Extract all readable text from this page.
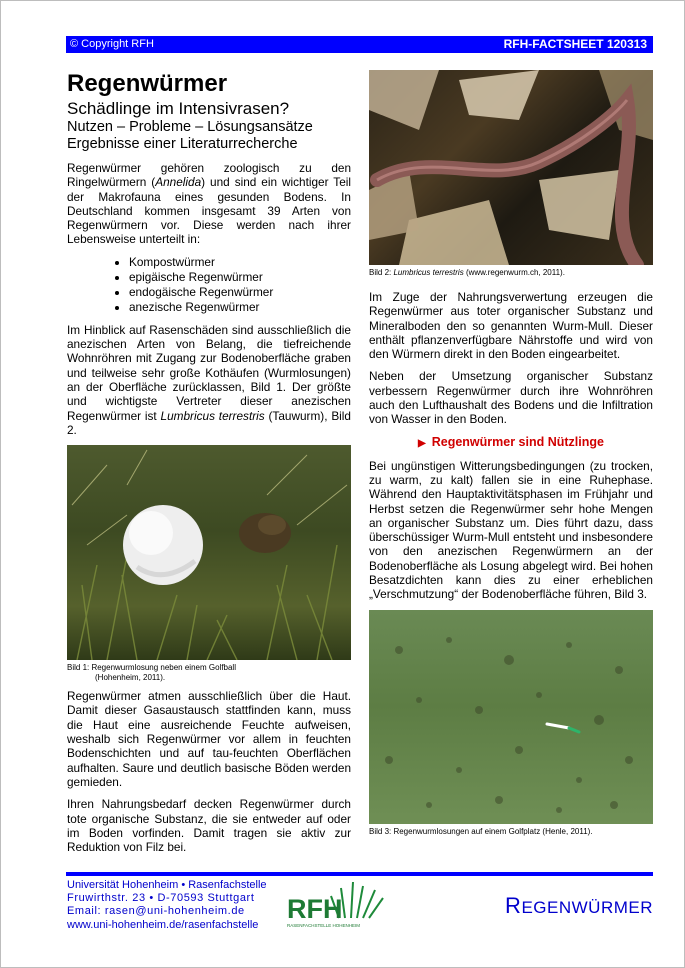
© Copyright RFH	RFH-FACTSHEET 120313
Regenwürmer
Schädlinge im Intensivrasen?
Nutzen – Probleme – Lösungsansätze
Ergebnisse einer Literaturrecherche

Regenwürmer gehören zoologisch zu den Ringelwürmern (Annelida) und sind ein wichtiger Teil der Makrofauna eines gesunden Bodens. In Deutschland kommen insgesamt 39 Arten von Regenwürmern vor. Diese werden nach ihrer Lebensweise unterteilt in:

• Kompostwürmer
• epigäische Regenwürmer
• endogäische Regenwürmer
• anezische Regenwürmer

Im Hinblick auf Rasenschäden sind ausschließlich die anezischen Arten von Belang, die tiefreichende Wohnröhren mit Zugang zur Bodenoberfläche graben und teilweise sehr große Kothäufen (Wurmlosungen) an der Oberfläche zurücklassen, Bild 1. Der größte und wichtigste Vertreter dieser anezischen Regenwürmer ist Lumbricus terrestris (Tauwurm), Bild 2.

Bild 1: Regenwurmlosung neben einem Golfball
(Hohenheim, 2011).

Regenwürmer atmen ausschließlich über die Haut. Damit dieser Gasaustausch stattfinden kann, muss die Haut eine ausreichende Feuchte aufweisen, weshalb sich Regenwürmer vor allem in feuchten Bodenschichten und auf tau-feuchten Oberflächen aufhalten. Saure und deutlich basische Böden werden gemieden.

Ihren Nahrungsbedarf decken Regenwürmer durch tote organische Substanz, die sie entweder auf oder im Boden vorfinden. Damit tragen sie aktiv zur Reduktion von Filz bei.

Bild 2: Lumbricus terrestris (www.regenwurm.ch, 2011).

Im Zuge der Nahrungsverwertung erzeugen die Regenwürmer aus toter organischer Substanz und Mineralboden den so genannten Wurm-Mull. Dieser enthält pflanzenverfügbare Nährstoffe und wird von den Würmern direkt in den Boden eingearbeitet.

Neben der Umsetzung organischer Substanz verbessern Regenwürmer durch ihre Wohnröhren auch den Lufthaushalt des Bodens und die Infiltration von Wasser in den Boden.

▶ Regenwürmer sind Nützlinge

Bei ungünstigen Witterungsbedingungen (zu trocken, zu warm, zu kalt) fallen sie in eine Ruhephase. Während den Hauptaktivitätsphasen im Frühjahr und Herbst setzen die Regenwürmer sehr hohe Mengen an organischer Substanz um. Dies führt dazu, dass überschüssiger Wurm-Mull entsteht und insbesondere von den anezischen Regenwürmern an der Bodenoberfläche als Losung abgelegt wird. Bei hohen Besatzdichten kann dies zu einer erheblichen „Verschmutzung“ der Bodenoberfläche führen, Bild 3.

Bild 3: Regenwurmlosungen auf einem Golfplatz (Henle, 2011).
Universität Hohenheim • Rasenfachstelle
Fruwirthstr. 23 • D-70593 Stuttgart
Email: rasen@uni-hohenheim.de
www.uni-hohenheim.de/rasenfachstelle
RFH
RASENFACHSTELLE HOHENHEIM
REGENWÜRMER
